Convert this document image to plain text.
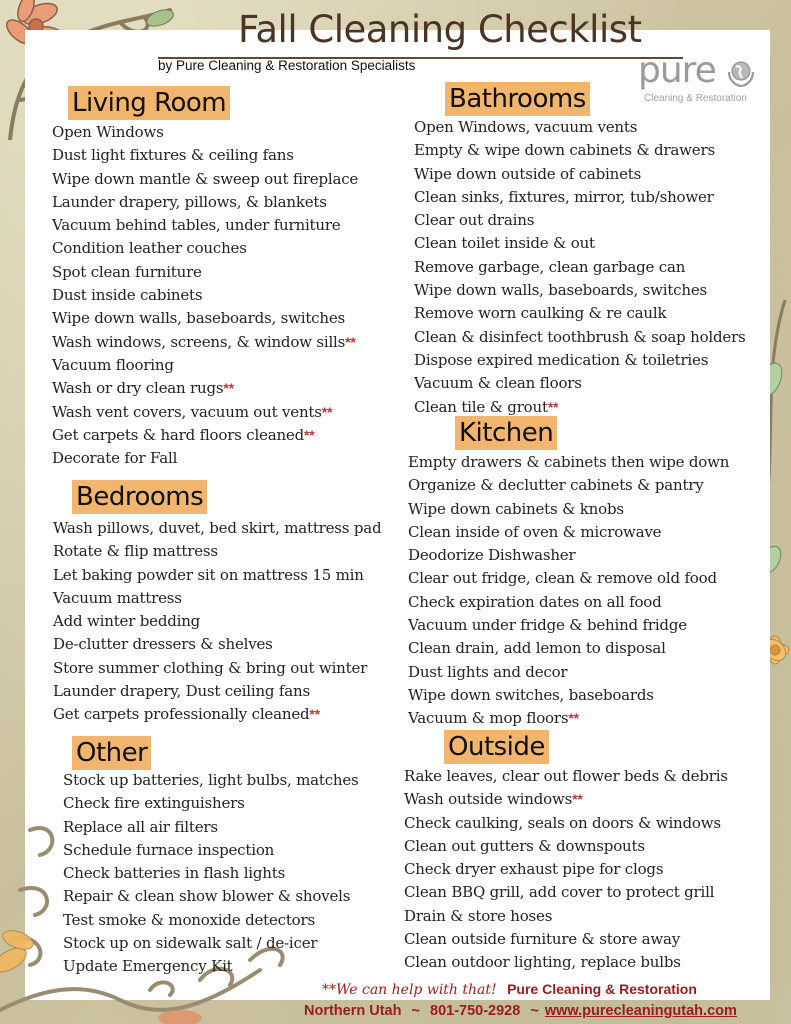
Fall Cleaning Checklist
by Pure Cleaning & Restoration Specialists	pure
Cleaning & Restoration
Living Room
Open Windows
Dust light fixtures & ceiling fans
Wipe down mantle & sweep out fireplace
Launder drapery, pillows, & blankets
Vacuum behind tables, under furniture
Condition leather couches
Spot clean furniture
Dust inside cabinets
Wipe down walls, baseboards, switches
Wash windows, screens, & window sills**
Vacuum flooring
Wash or dry clean rugs**
Wash vent covers, vacuum out vents**
Get carpets & hard floors cleaned**
Decorate for Fall
Bedrooms
Wash pillows, duvet, bed skirt, mattress pad
Rotate & flip mattress
Let baking powder sit on mattress 15 min
Vacuum mattress
Add winter bedding
De-clutter dressers & shelves
Store summer clothing & bring out winter
Launder drapery, Dust ceiling fans
Get carpets professionally cleaned**
Other
Stock up batteries, light bulbs, matches
Check fire extinguishers
Replace all air filters
Schedule furnace inspection
Check batteries in flash lights
Repair & clean show blower & shovels
Test smoke & monoxide detectors
Stock up on sidewalk salt / de-icer
Update Emergency Kit
Bathrooms
Open Windows, vacuum vents
Empty & wipe down cabinets & drawers
Wipe down outside of cabinets
Clean sinks, fixtures, mirror, tub/shower
Clear out drains
Clean toilet inside & out
Remove garbage, clean garbage can
Wipe down walls, baseboards, switches
Remove worn caulking & re caulk
Clean & disinfect toothbrush & soap holders
Dispose expired medication & toiletries
Vacuum & clean floors
Clean tile & grout**
Kitchen
Empty drawers & cabinets then wipe down
Organize & declutter cabinets & pantry
Wipe down cabinets & knobs
Clean inside of oven & microwave
Deodorize Dishwasher
Clear out fridge, clean & remove old food
Check expiration dates on all food
Vacuum under fridge & behind fridge
Clean drain, add lemon to disposal
Dust lights and decor
Wipe down switches, baseboards
Vacuum & mop floors**
Outside
Rake leaves, clear out flower beds & debris
Wash outside windows**
Check caulking, seals on doors & windows
Clean out gutters & downspouts
Check dryer exhaust pipe for clogs
Clean BBQ grill, add cover to protect grill
Drain & store hoses
Clean outside furniture & store away
Clean outdoor lighting, replace bulbs
**We can help with that! Pure Cleaning & Restoration
Northern Utah ~ 801-750-2928 ~ www.purecleaningutah.com
